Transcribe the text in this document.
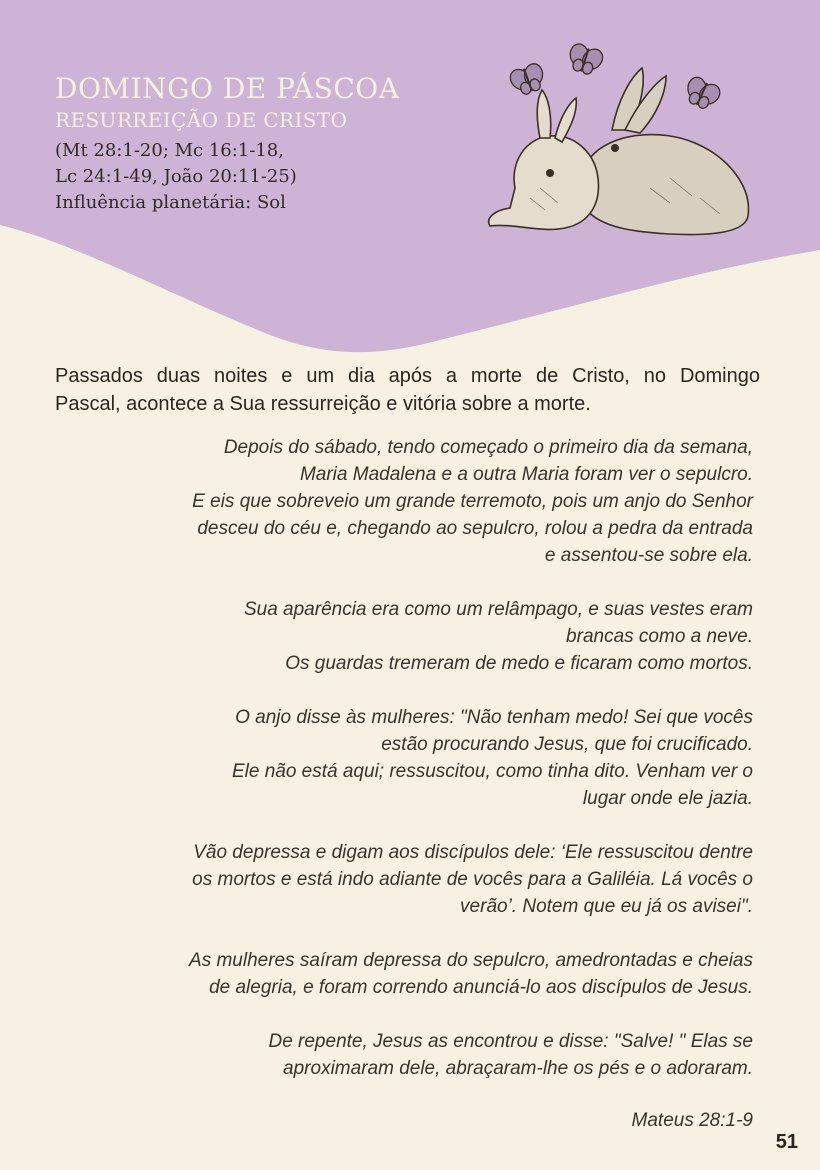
DOMINGO DE PÁSCOA
RESURREIÇÃO DE CRISTO
(Mt 28:1-20; Mc 16:1-18,
Lc 24:1-49, João 20:11-25)
Influência planetária: Sol
Passados duas noites e um dia após a morte de Cristo, no Domingo
Pascal, acontece a Sua ressurreição e vitória sobre a morte.
Depois do sábado, tendo começado o primeiro dia da semana,
Maria Madalena e a outra Maria foram ver o sepulcro.
E eis que sobreveio um grande terremoto, pois um anjo do Senhor
desceu do céu e, chegando ao sepulcro, rolou a pedra da entrada
e assentou-se sobre ela.
Sua aparência era como um relâmpago, e suas vestes eram
brancas como a neve.
Os guardas tremeram de medo e ficaram como mortos.
O anjo disse às mulheres: "Não tenham medo! Sei que vocês
estão procurando Jesus, que foi crucificado.
Ele não está aqui; ressuscitou, como tinha dito. Venham ver o
lugar onde ele jazia.
Vão depressa e digam aos discípulos dele: ‘Ele ressuscitou dentre
os mortos e está indo adiante de vocês para a Galiléia. Lá vocês o
verão’. Notem que eu já os avisei".
As mulheres saíram depressa do sepulcro, amedrontadas e cheias
de alegria, e foram correndo anunciá-lo aos discípulos de Jesus.
De repente, Jesus as encontrou e disse: "Salve! " Elas se
aproximaram dele, abraçaram-lhe os pés e o adoraram.
Mateus 28:1-9
51
